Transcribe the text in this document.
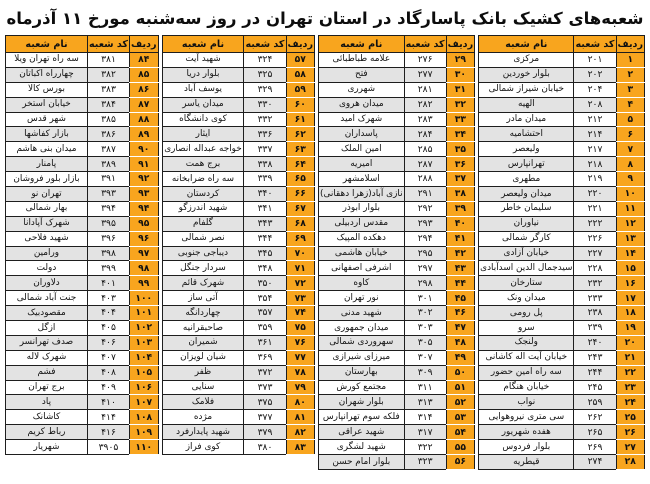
شعبه‌های کشیک بانک پاسارگاد در استان تهران در روز سه‌شنبه مورخ ۱۱ آذرماه
ردیف	کد شعبه	نام شعبه
۱	۲۰۱	مرکزی
۲	۲۰۲	بلوار خوردین
۳	۲۰۴	خیابان شیراز شمالی
۴	۲۰۸	الهیه
۵	۲۱۲	میدان مادر
۶	۲۱۴	احتشامیه
۷	۲۱۷	ولیعصر
۸	۲۱۸	تهرانپارس
۹	۲۱۹	مطهری
۱۰	۲۲۰	میدان ولیعصر
۱۱	۲۲۱	سلیمان خاطر
۱۲	۲۲۲	نیاوران
۱۳	۲۲۶	کارگر شمالی
۱۴	۲۲۷	خیابان آزادی
۱۵	۲۲۸	سیدجمال الدین اسدآبادی
۱۶	۲۳۲	ستارخان
۱۷	۲۳۳	میدان ونک
۱۸	۲۳۸	پل رومی
۱۹	۲۳۹	سرو
۲۰	۲۴۰	ولنجک
۲۱	۲۴۳	خیابان آیت اله کاشانی
۲۲	۲۴۴	سه راه امین حضور
۲۳	۲۴۵	خیابان هنگام
۲۴	۲۵۹	نواب
۲۵	۲۶۲	سی متری نیروهوایی
۲۶	۲۶۵	هفده شهریور
۲۷	۲۶۹	بلوار فردوس
۲۸	۲۷۴	قیطریه
ردیف	کد شعبه	نام شعبه
۲۹	۲۷۶	علامه طباطبائی
۳۰	۲۷۷	فتح
۳۱	۲۸۱	شهرری
۳۲	۲۸۲	میدان هروی
۳۳	۲۸۳	شهرک امید
۳۴	۲۸۴	پاسداران
۳۵	۲۸۵	امین الملک
۳۶	۲۸۷	امیریه
۳۷	۲۸۸	اسلامشهر
۳۸	۲۹۱	نازی آباد(زهرا دهقانی)
۳۹	۲۹۲	بلوار ابوذر
۴۰	۲۹۳	مقدس اردبیلی
۴۱	۲۹۴	دهکده المپیک
۴۲	۲۹۵	خیابان هاشمی
۴۳	۲۹۷	اشرفی اصفهانی
۴۴	۲۹۸	کاوه
۴۵	۳۰۱	نور تهران
۴۶	۳۰۲	شهید مدنی
۴۷	۳۰۳	میدان جمهوری
۴۸	۳۰۵	سهروردی شمالی
۴۹	۳۰۷	میرزای شیرازی
۵۰	۳۰۹	بهارستان
۵۱	۳۱۱	مجتمع کورش
۵۲	۳۱۳	بلوار شهران
۵۳	۳۱۴	فلکه سوم تهرانپارس
۵۴	۳۱۷	شهید عراقی
۵۵	۳۲۲	شهید لشگری
۵۶	۳۲۳	بلوار امام حسن
ردیف	کد شعبه	نام شعبه
۵۷	۳۲۴	شهید آیت
۵۸	۳۲۵	بلوار دریا
۵۹	۳۲۹	یوسف آباد
۶۰	۳۳۰	میدان یاسر
۶۱	۳۳۲	کوی دانشگاه
۶۲	۳۳۶	ایثار
۶۳	۳۳۷	خواجه عبداله انصاری
۶۴	۳۳۸	برج همت
۶۵	۳۳۹	سه راه ضرابخانه
۶۶	۳۴۰	کردستان
۶۷	۳۴۱	شهید اندرزگو
۶۸	۳۴۳	گلفام
۶۹	۳۴۴	نصر شمالی
۷۰	۳۴۵	دیباجی جنوبی
۷۱	۳۴۸	سردار جنگل
۷۲	۳۵۰	شهرک قائم
۷۳	۳۵۴	آتی ساز
۷۴	۳۵۷	چهاردانگه
۷۵	۳۵۹	صاحبقرانیه
۷۶	۳۶۱	شمیران
۷۷	۳۶۹	شیان لویزان
۷۸	۳۷۲	ظفر
۷۹	۳۷۳	سنایی
۸۰	۳۷۵	فلامک
۸۱	۳۷۷	مژده
۸۲	۳۷۹	شهید پایدارفرد
۸۳	۳۸۰	کوی فراز
ردیف	کد شعبه	نام شعبه
۸۴	۳۸۱	سه راه تهران ویلا
۸۵	۳۸۲	چهارراه اکباتان
۸۶	۳۸۳	بورس کالا
۸۷	۳۸۴	خیابان استخر
۸۸	۳۸۵	شهر قدس
۸۹	۳۸۶	بازار کفاشها
۹۰	۳۸۷	میدان بنی هاشم
۹۱	۳۸۹	پامنار
۹۲	۳۹۱	بازار بلور فروشان
۹۳	۳۹۳	تهران نو
۹۴	۳۹۴	بهار شمالی
۹۵	۳۹۵	شهرک آپادانا
۹۶	۳۹۶	شهید فلاحی
۹۷	۳۹۸	ورامین
۹۸	۳۹۹	دولت
۹۹	۴۰۱	دلاوران
۱۰۰	۴۰۳	جنت آباد شمالی
۱۰۱	۴۰۴	مقصودبیک
۱۰۲	۴۰۵	ازگل
۱۰۳	۴۰۶	صدف تهرانسر
۱۰۴	۴۰۷	شهرک لاله
۱۰۵	۴۰۸	فشم
۱۰۶	۴۰۹	برج تهران
۱۰۷	۴۱۰	پاد
۱۰۸	۴۱۴	کاشانک
۱۰۹	۴۱۶	رباط کریم
۱۱۰	۳۹۰۵	شهریار
